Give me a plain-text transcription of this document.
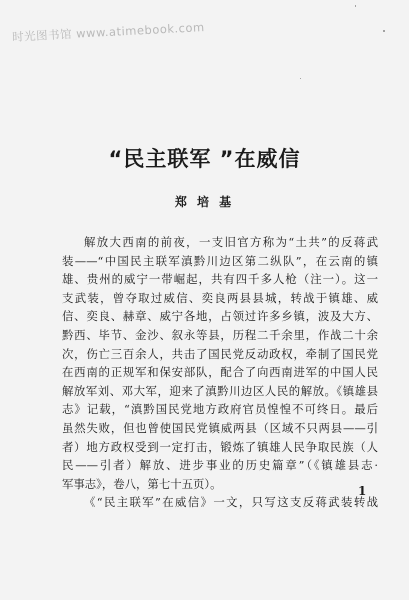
时光图书馆 www.atimebook.com
“民主联军 ”在威信
郑 培 基
解放大西南的前夜，一支旧官方称为“土共”的反蒋武
装——“中国民主联军滇黔川边区第二纵队”，在云南的镇
雄、贵州的威宁一带崛起，共有四千多人枪（注一）。这一
支武装，曾夺取过威信、奕良两县县城，转战于镇雄、威
信、奕良、赫章、威宁各地，占领过许多乡镇，波及大方、
黔西、毕节、金沙、叙永等县，历程二千余里，作战二十余
次，伤亡三百余人，共击了国民党反动政权，牵制了国民党
在西南的正规军和保安部队，配合了向西南进军的中国人民
解放军刘、邓大军，迎来了滇黔川边区人民的解放。《镇雄县
志》记载，“滇黔国民党地方政府官员惶惶不可终日。最后
虽然失败，但也曾使国民党镇威两县（区域不只两县——引
者）地方政权受到一定打击，锻炼了镇雄人民争取民族（人
民——引者）解放、进步事业的历史篇章”（《镇雄县志·
军事志》，卷八，第七十五页）。
《“民主联军”在威信》一文，只写这支反蒋武装转战
1
